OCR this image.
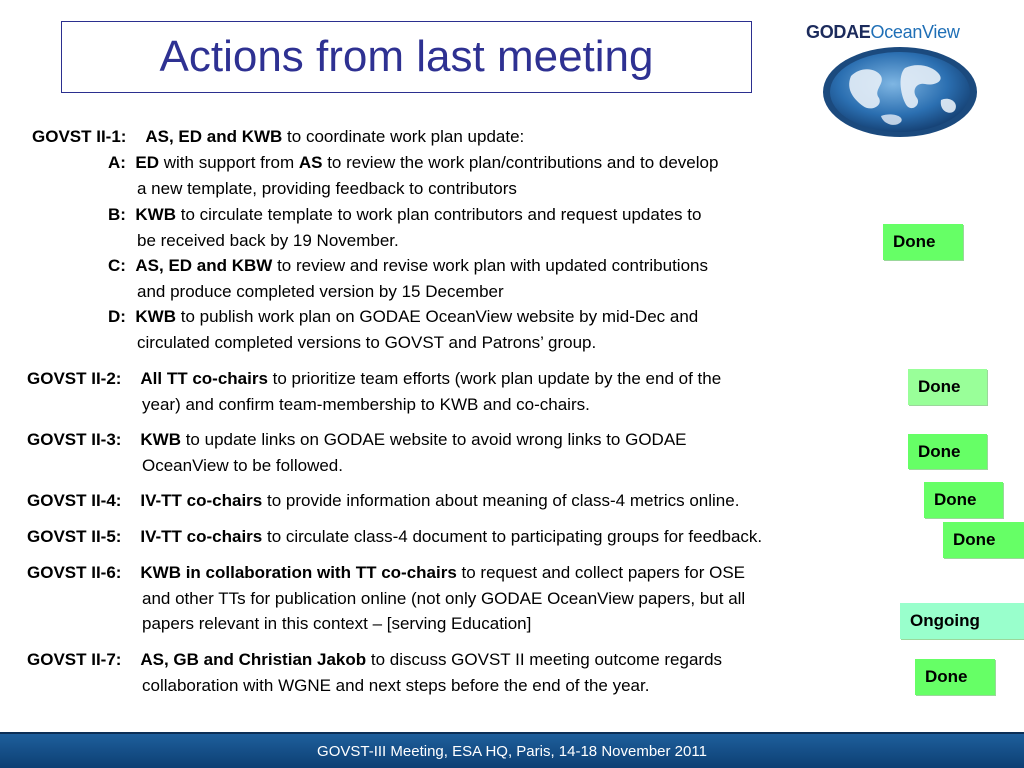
Actions from last meeting	GODAEOceanView
GOVST II-1: AS, ED and KWB to coordinate work plan update:
A: ED with support from AS to review the work plan/contributions and to develop
a new template, providing feedback to contributors
B: KWB to circulate template to work plan contributors and request updates to
be received back by 19 November.
C: AS, ED and KBW to review and revise work plan with updated contributions
and produce completed version by 15 December
D: KWB to publish work plan on GODAE OceanView website by mid-Dec and
circulated completed versions to GOVST and Patrons’ group.
GOVST II-2: All TT co-chairs to prioritize team efforts (work plan update by the end of the
year) and confirm team-membership to KWB and co-chairs.
GOVST II-3: KWB to update links on GODAE website to avoid wrong links to GODAE
OceanView to be followed.
GOVST II-4: IV-TT co-chairs to provide information about meaning of class-4 metrics online.
GOVST II-5: IV-TT co-chairs to circulate class-4 document to participating groups for feedback.
GOVST II-6: KWB in collaboration with TT co-chairs to request and collect papers for OSE
and other TTs for publication online (not only GODAE OceanView papers, but all
papers relevant in this context – [serving Education]
GOVST II-7: AS, GB and Christian Jakob to discuss GOVST II meeting outcome regards
collaboration with WGNE and next steps before the end of the year.
Done
Done
Done
Done
Done
Ongoing
Done
GOVST-III Meeting, ESA HQ, Paris, 14-18 November 2011
